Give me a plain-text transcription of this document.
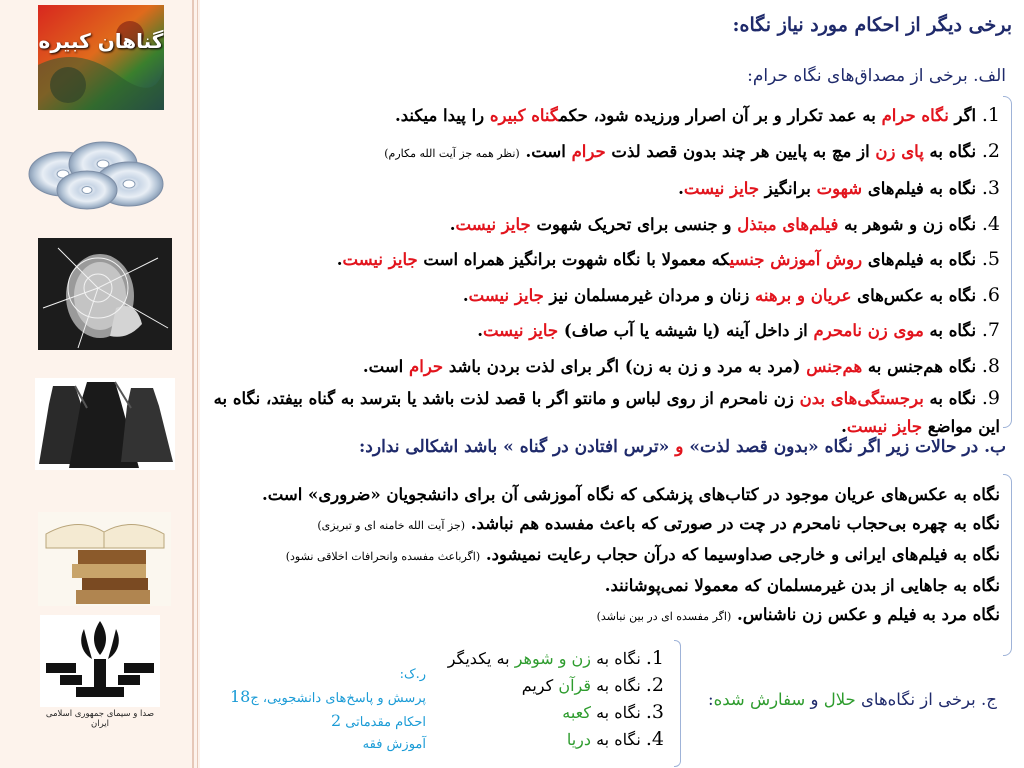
گناهان کبیره
صدا و سیمای جمهوری اسلامی ایران
برخی دیگر از احکام مورد نیاز نگاه:
الف. برخی از مصداق‌های نگاه حرام:
1. اگر نگاه حرام به عمد تکرار و بر آن اصرار ورزیده شود، حکمگناه کبیره را پیدا میکند.
2. نگاه به پای زن از مچ به پایین هر چند بدون قصد لذت حرام است. (نظر همه جز آیت الله مکارم)
3. نگاه به فیلم‌های شهوت برانگیز جایز نیست.
4. نگاه زن و شوهر به فیلم‌های مبتذل و جنسی برای تحریک شهوت جایز نیست.
5. نگاه به فیلم‌های روش آموزش جنسیکه معمولا با نگاه شهوت برانگیز همراه است جایز نیست.
6. نگاه به عکس‌های عریان و برهنه زنان و مردان غیرمسلمان نیز جایز نیست.
7. نگاه به موی زن نامحرم از داخل آینه (یا شیشه یا آب صاف) جایز نیست.
8. نگاه هم‌جنس به هم‌جنس (مرد به مرد و زن به زن) اگر برای لذت بردن باشد حرام است.
9. نگاه به برجستگی‌های بدن زن نامحرم از روی لباس و مانتو اگر با قصد لذت باشد یا بترسد به گناه بیفتد، نگاه به این مواضع جایز نیست.
ب. در حالات زیر اگر نگاه «بدون قصد لذت» و «ترس افتادن در گناه » باشد اشکالی ندارد:
نگاه به عکس‌های عریان موجود در کتاب‌های پزشکی که نگاه آموزشی آن برای دانشجویان «ضروری» است.
نگاه به چهره بی‌حجاب نامحرم در چت در صورتی که باعث مفسده هم نباشد. (جز آیت الله خامنه ای و تبریزی)
نگاه به فیلم‌های ایرانی و خارجی صداوسیما که درآن حجاب رعایت نمیشود. (اگرباعث مفسده وانحرافات اخلاقی نشود)
نگاه به جاهایی از بدن غیرمسلمان که معمولا نمی‌پوشانند.
نگاه مرد به فیلم و عکس زن ناشناس. (اگر مفسده ای در بین نباشد)
1. نگاه به زن و شوهر به یکدیگر
2. نگاه به قرآن کریم
3. نگاه به کعبه
4. نگاه به دریا
ج. برخی از نگاه‌های حلال و سفارش شده:
ر.ک:
پرسش و پاسخ‌های دانشجویی، ج18
احکام مقدماتی 2
آموزش فقه
